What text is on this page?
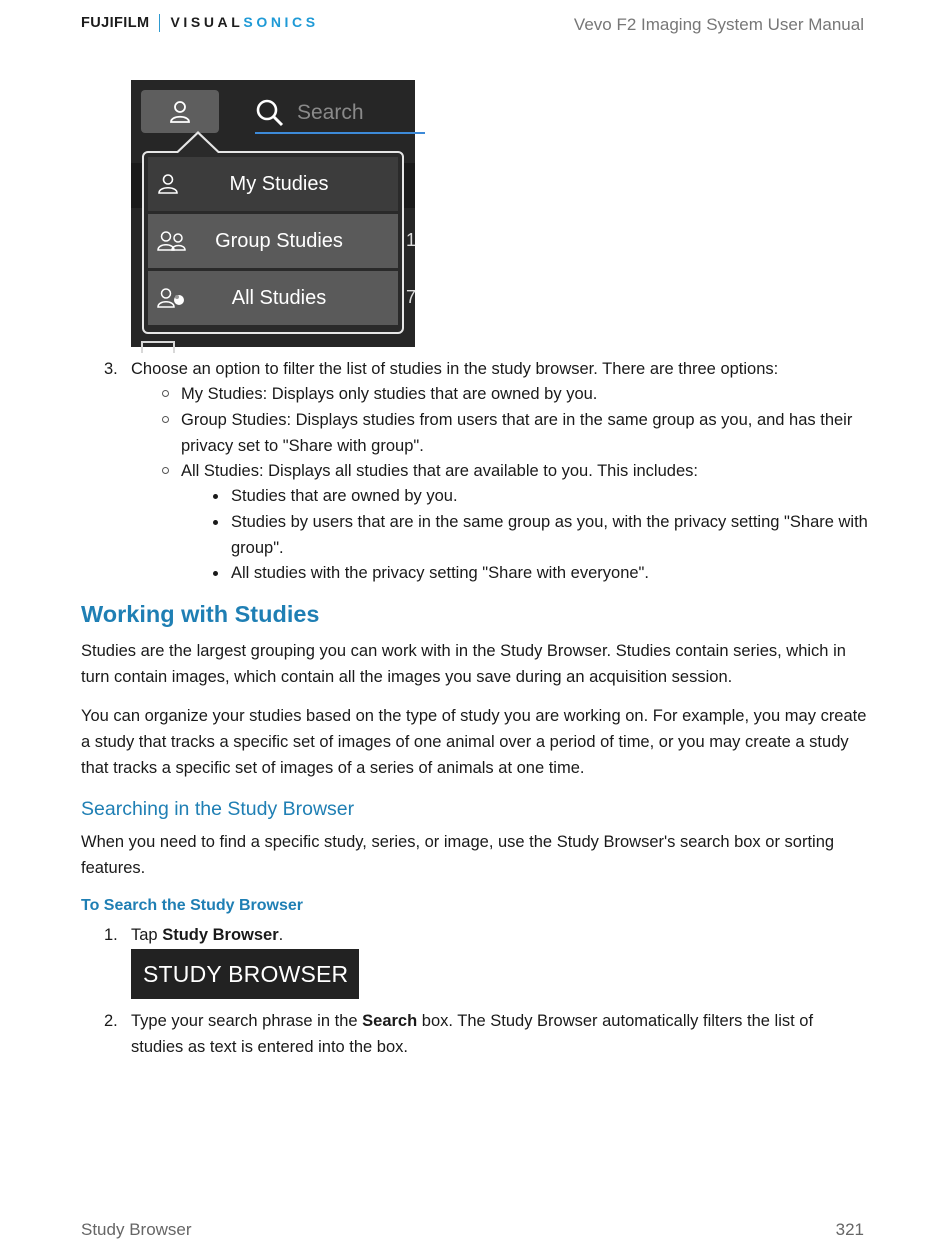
FUJIFILM VISUALSONICS	Vevo F2 Imaging System User Manual
Search
1
7
My Studies
Group Studies
All Studies
3. Choose an option to filter the list of studies in the study browser. There are three options:
My Studies: Displays only studies that are owned by you.
Group Studies: Displays studies from users that are in the same group as you, and has their privacy set to "Share with group".
All Studies: Displays all studies that are available to you. This includes:
Studies that are owned by you.
Studies by users that are in the same group as you, with the privacy setting "Share with group".
All studies with the privacy setting "Share with everyone".
Working with Studies
Studies are the largest grouping you can work with in the Study Browser. Studies contain series, which in turn contain images, which contain all the images you save during an acquisition session.
You can organize your studies based on the type of study you are working on. For example, you may create a study that tracks a specific set of images of one animal over a period of time, or you may create a study that tracks a specific set of images of a series of animals at one time.
Searching in the Study Browser
When you need to find a specific study, series, or image, use the Study Browser's search box or sorting features.
To Search the Study Browser
1. Tap Study Browser.
STUDY BROWSER
2. Type your search phrase in the Search box. The Study Browser automatically filters the list of studies as text is entered into the box.
Study Browser	321
